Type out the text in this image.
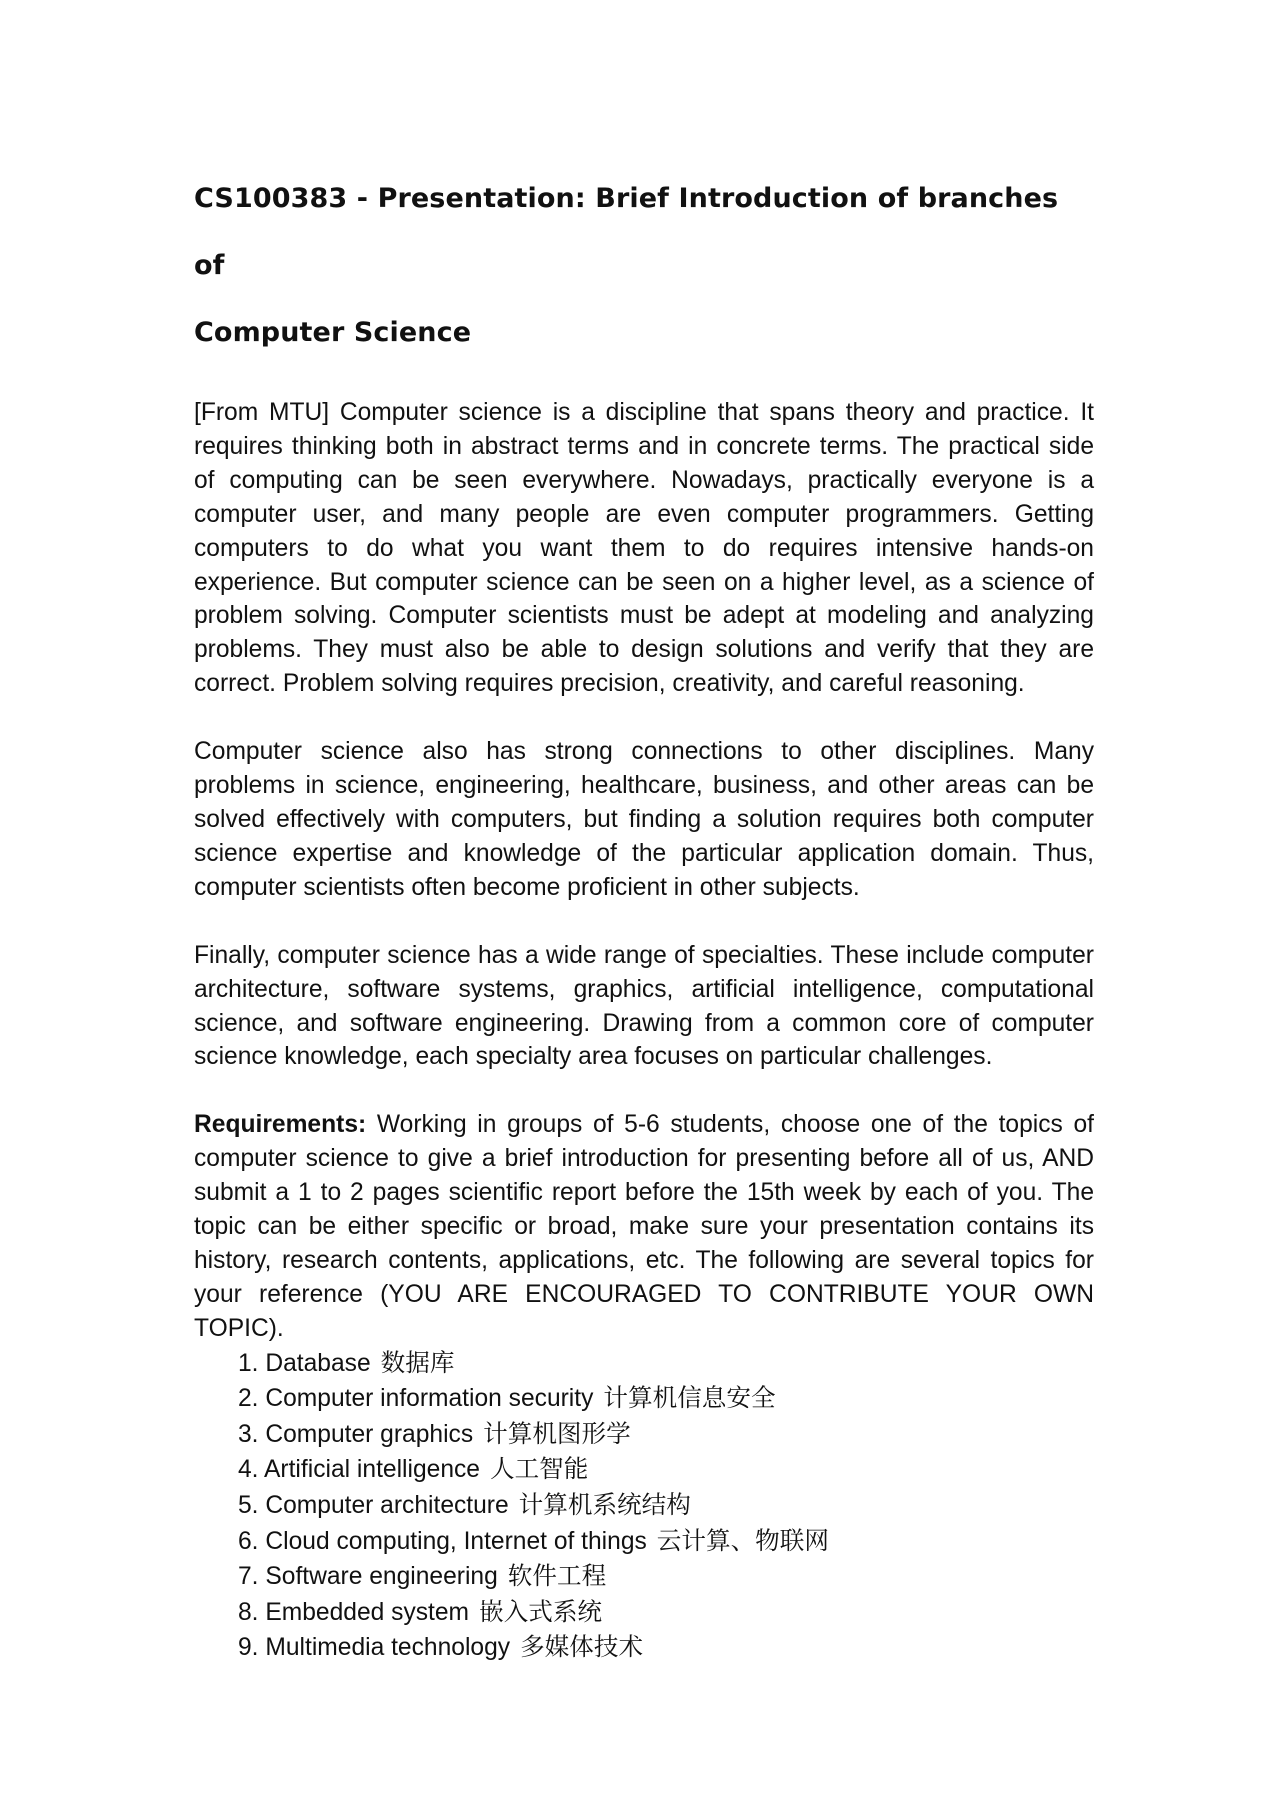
CS100383 - Presentation: Brief Introduction of branches of
Computer Science

[From MTU] Computer science is a discipline that spans theory and practice. It requires thinking both in abstract terms and in concrete terms. The practical side of computing can be seen everywhere. Nowadays, practically everyone is a computer user, and many people are even computer programmers. Getting computers to do what you want them to do requires intensive hands-on experience. But computer science can be seen on a higher level, as a science of problem solving. Computer scientists must be adept at modeling and analyzing problems. They must also be able to design solutions and verify that they are correct. Problem solving requires precision, creativity, and careful reasoning.

Computer science also has strong connections to other disciplines. Many problems in science, engineering, healthcare, business, and other areas can be solved effectively with computers, but finding a solution requires both computer science expertise and knowledge of the particular application domain. Thus, computer scientists often become proficient in other subjects.

Finally, computer science has a wide range of specialties. These include computer architecture, software systems, graphics, artificial intelligence, computational science, and software engineering. Drawing from a common core of computer science knowledge, each specialty area focuses on particular challenges.

Requirements: Working in groups of 5-6 students, choose one of the topics of computer science to give a brief introduction for presenting before all of us, AND submit a 1 to 2 pages scientific report before the 15th week by each of you. The topic can be either specific or broad, make sure your presentation contains its history, research contents, applications, etc. The following are several topics for your reference (YOU ARE ENCOURAGED TO CONTRIBUTE YOUR OWN TOPIC).

1. Database 数据库
2. Computer information security 计算机信息安全
3. Computer graphics 计算机图形学
4. Artificial intelligence 人工智能
5. Computer architecture 计算机系统结构
6. Cloud computing, Internet of things 云计算、物联网
7. Software engineering 软件工程
8. Embedded system 嵌入式系统
9. Multimedia technology 多媒体技术
